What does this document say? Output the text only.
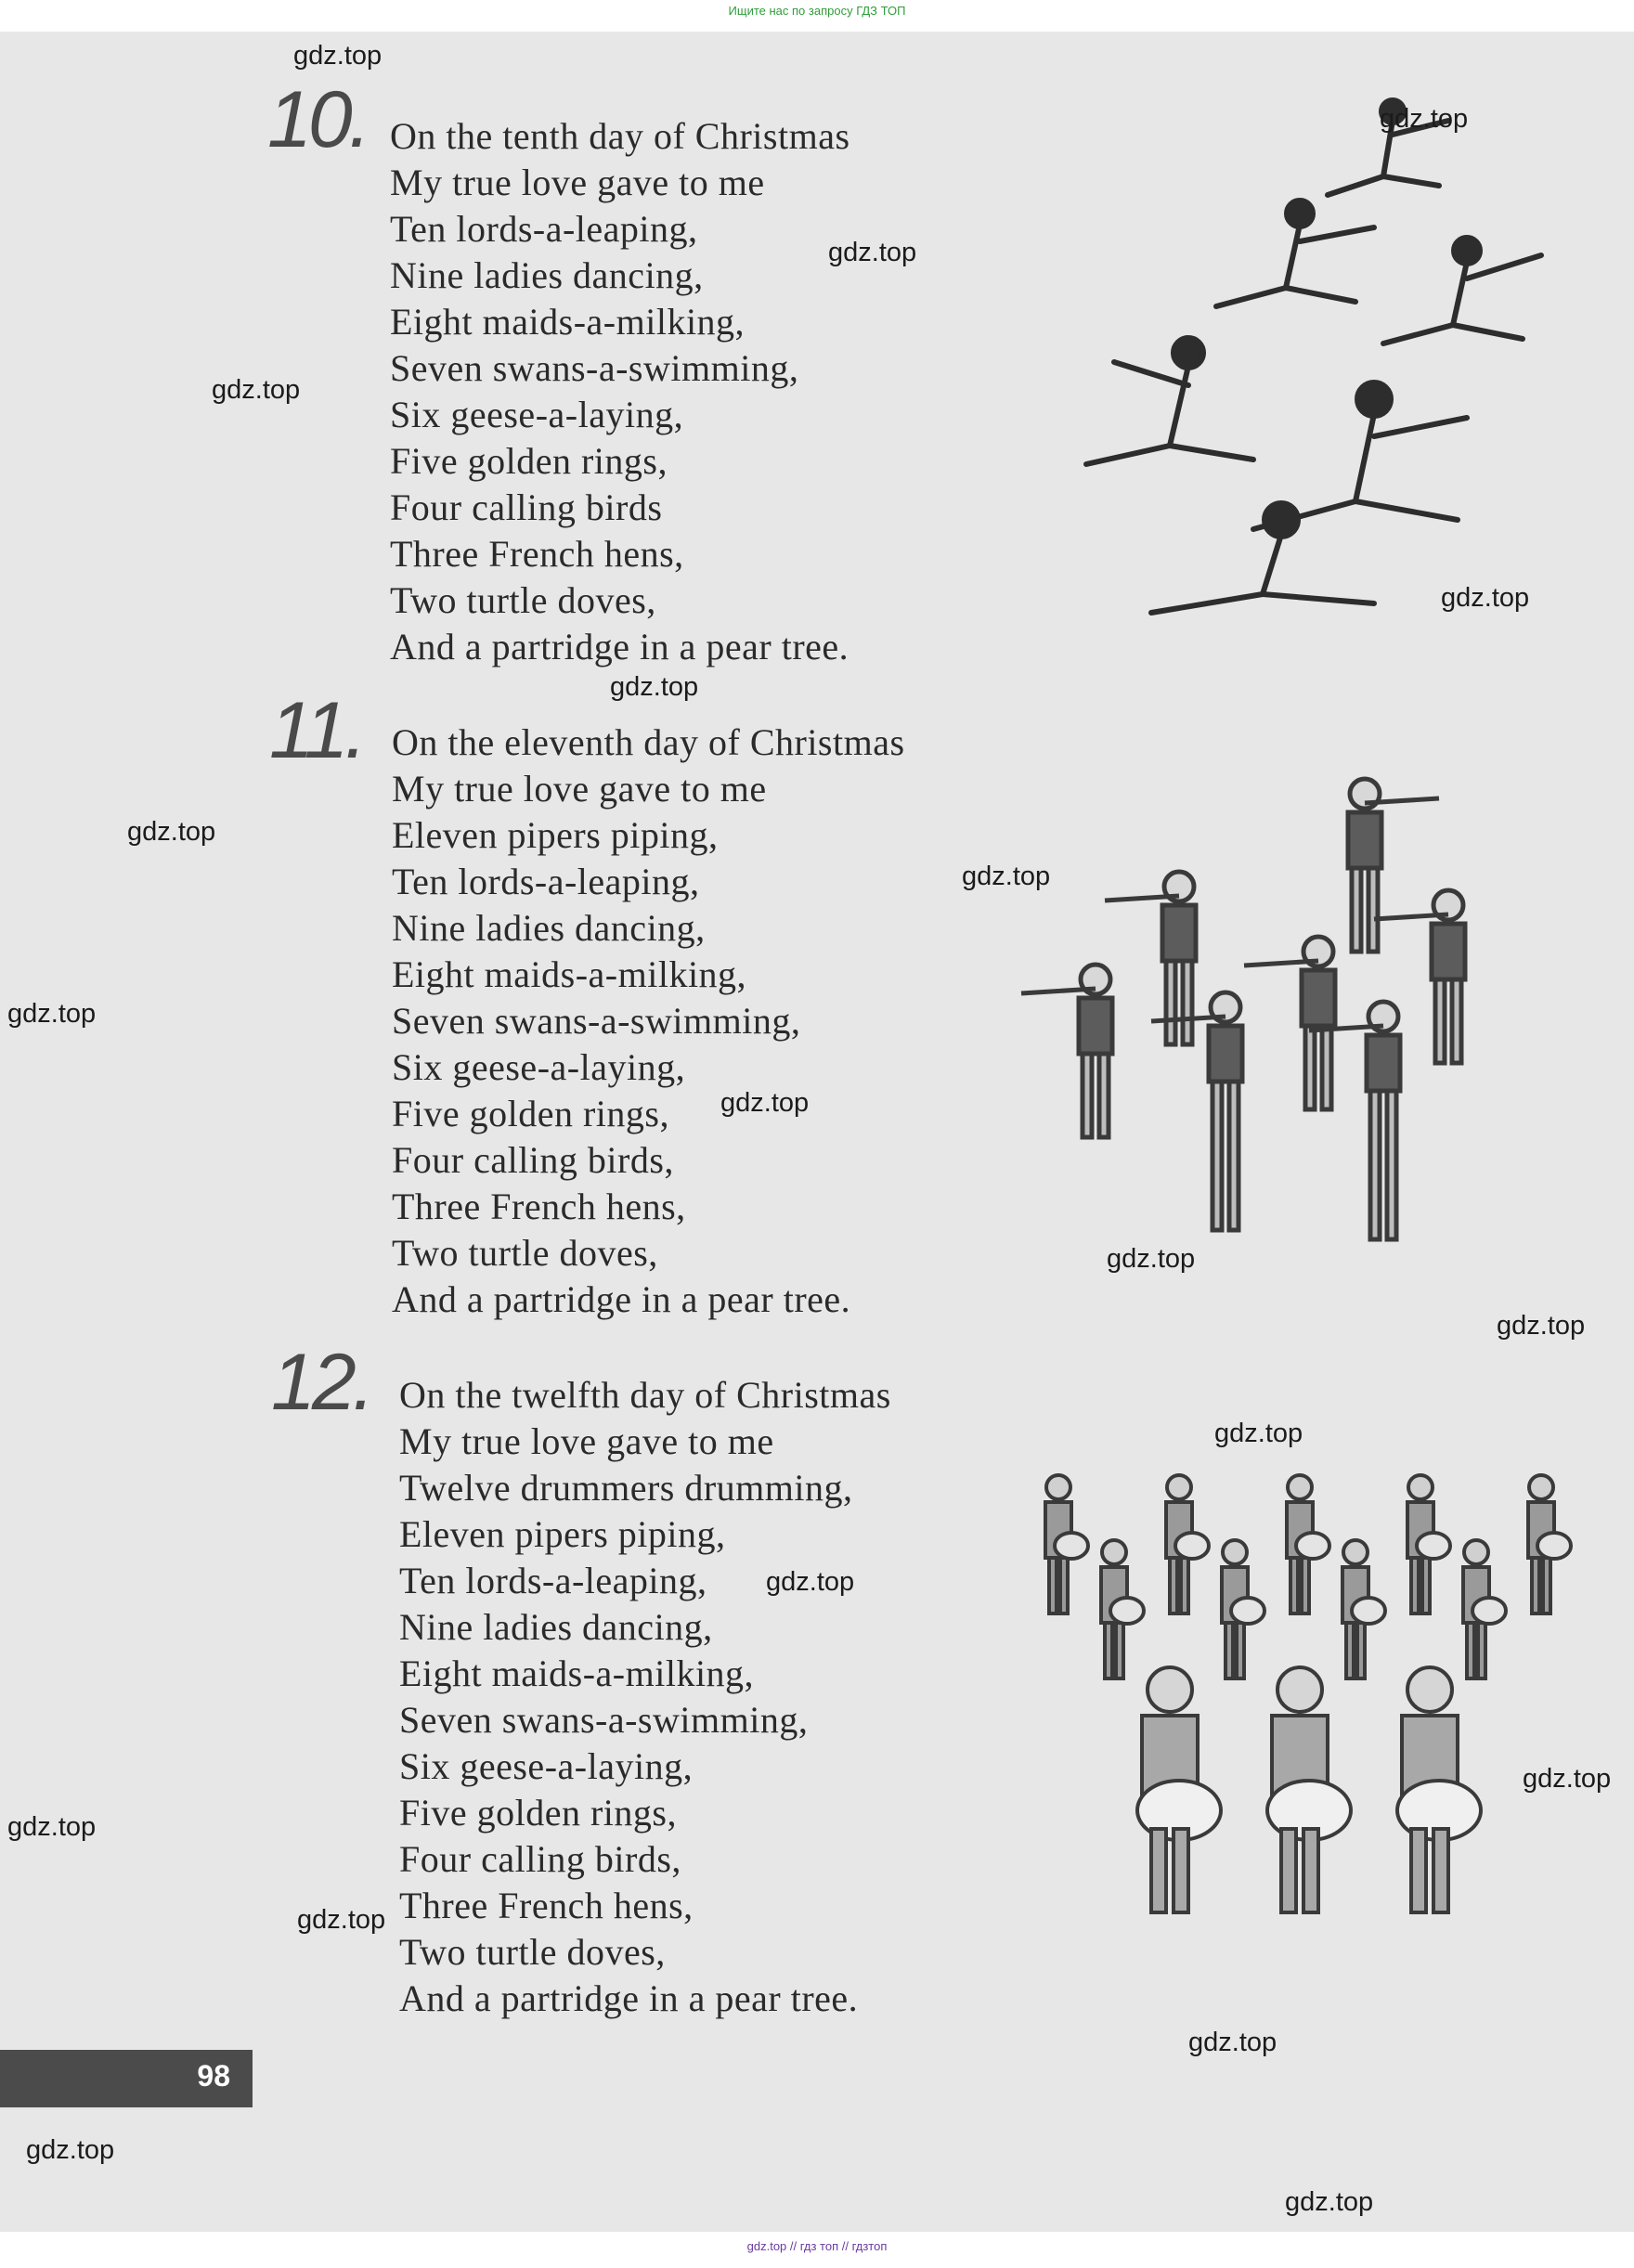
Ищите нас по запросу ГДЗ ТОП
10. On the tenth day of Christmas
My true love gave to me
Ten lords-a-leaping,
Nine ladies dancing,
Eight maids-a-milking,
Seven swans-a-swimming,
Six geese-a-laying,
Five golden rings,
Four calling birds
Three French hens,
Two turtle doves,
And a partridge in a pear tree.
11. On the eleventh day of Christmas
My true love gave to me
Eleven pipers piping,
Ten lords-a-leaping,
Nine ladies dancing,
Eight maids-a-milking,
Seven swans-a-swimming,
Six geese-a-laying,
Five golden rings,
Four calling birds,
Three French hens,
Two turtle doves,
And a partridge in a pear tree.
12. On the twelfth day of Christmas
My true love gave to me
Twelve drummers drumming,
Eleven pipers piping,
Ten lords-a-leaping,
Nine ladies dancing,
Eight maids-a-milking,
Seven swans-a-swimming,
Six geese-a-laying,
Five golden rings,
Four calling birds,
Three French hens,
Two turtle doves,
And a partridge in a pear tree.
98
gdz.top
gdz.top
gdz.top
gdz.top
gdz.top
gdz.top
gdz.top
gdz.top
gdz.top
gdz.top
gdz.top
gdz.top
gdz.top
gdz.top
gdz.top
gdz.top
gdz.top
gdz.top
gdz.top
gdz.top
gdz.top // гдз топ // гдзтоп
